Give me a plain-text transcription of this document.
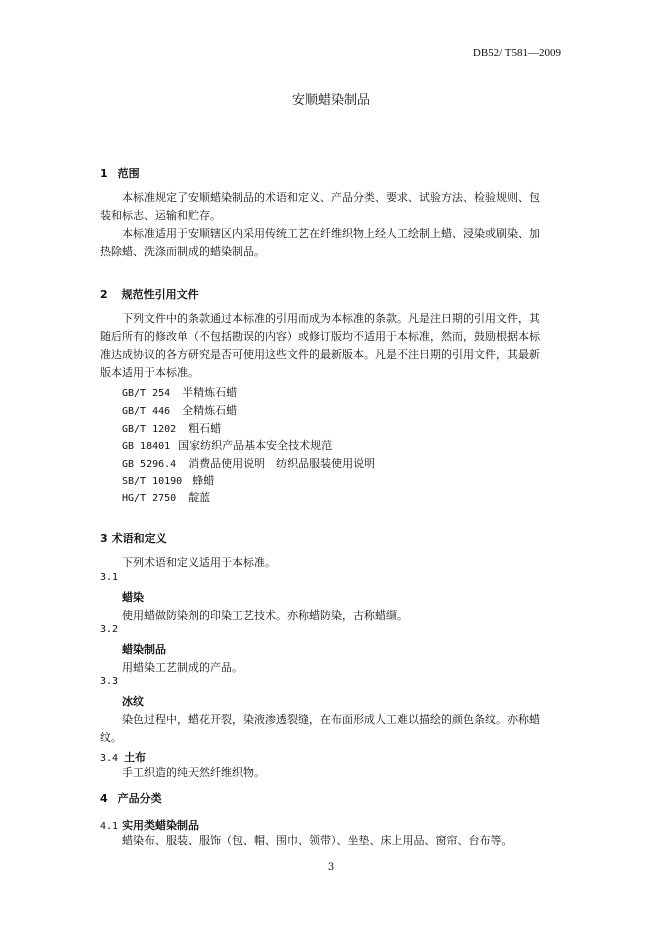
DB52/ T581—2009
安顺蜡染制品
1 范围
本标准规定了安顺蜡染制品的术语和定义、产品分类、要求、试验方法、检验规则、包
装和标志、运输和贮存。
本标准适用于安顺辖区内采用传统工艺在纤维织物上经人工绘制上蜡、浸染或刷染、加
热除蜡、洗涤而制成的蜡染制品。
2 规范性引用文件
下列文件中的条款通过本标准的引用而成为本标准的条款。凡是注日期的引用文件，其
随后所有的修改单（不包括勘误的内容）或修订版均不适用于本标准，然而，鼓励根据本标
准达成协议的各方研究是否可使用这些文件的最新版本。凡是不注日期的引用文件，其最新
版本适用于本标准。
GB/T 254 半精炼石蜡
GB/T 446 全精炼石蜡
GB/T 1202 粗石蜡
GB 18401 国家纺织产品基本安全技术规范
GB 5296.4 消费品使用说明　纺织品服装使用说明
SB/T 10190 蜂蜡
HG/T 2750 靛蓝
3 术语和定义
下列术语和定义适用于本标准。
3.1
蜡染
使用蜡做防染剂的印染工艺技术。亦称蜡防染，古称蜡缬。
3.2
蜡染制品
用蜡染工艺制成的产品。
3.3
冰纹
染色过程中，蜡花开裂，染液渗透裂缝，在布面形成人工难以描绘的颜色条纹。亦称蜡
纹。
3.4 土布
手工织造的纯天然纤维织物。
4 产品分类
4.1 实用类蜡染制品
蜡染布、服装、服饰（包、帽、围巾、领带）、坐垫、床上用品、窗帘、台布等。
3
